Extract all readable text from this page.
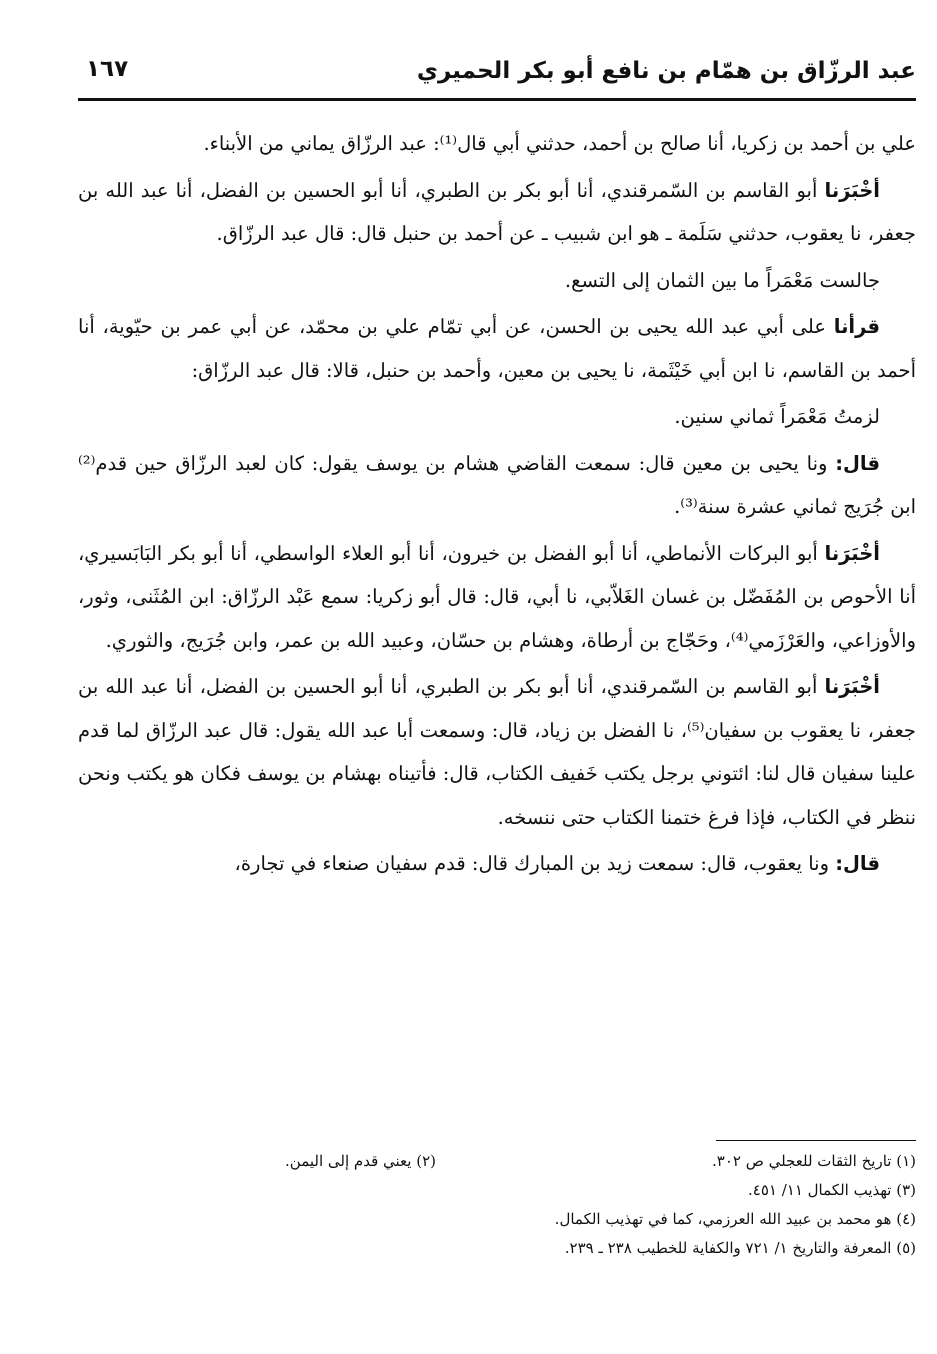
عبد الرزّاق بن همّام بن نافع أبو بكر الحميري
١٦٧

علي بن أحمد بن زكريا، أنا صالح بن أحمد، حدثني أبي قال⁽¹⁾: عبد الرزّاق يماني من الأبناء.

أخْبَرَنا أبو القاسم بن السّمرقندي، أنا أبو بكر بن الطبري، أنا أبو الحسين بن الفضل، أنا عبد الله بن جعفر، نا يعقوب، حدثني سَلَمة ـ هو ابن شبيب ـ عن أحمد بن حنبل قال: قال عبد الرزّاق.

جالست مَعْمَراً ما بين الثمان إلى التسع.

قرأنا على أبي عبد الله يحيى بن الحسن، عن أبي تمّام علي بن محمّد، عن أبي عمر بن حيّوية، أنا أحمد بن القاسم، نا ابن أبي خَيْثَمة، نا يحيى بن معين، وأحمد بن حنبل، قالا: قال عبد الرزّاق:

لزمتُ مَعْمَراً ثماني سنين.

قال: ونا يحيى بن معين قال: سمعت القاضي هشام بن يوسف يقول: كان لعبد الرزّاق حين قدم⁽²⁾ ابن جُرَيج ثماني عشرة سنة⁽³⁾.

أخْبَرَنا أبو البركات الأنماطي، أنا أبو الفضل بن خيرون، أنا أبو العلاء الواسطي، أنا أبو بكر البَابَسيري، أنا الأحوص بن المُفَضّل بن غسان الغَلاّبي، نا أبي، قال: قال أبو زكريا: سمع عَبْد الرزّاق: ابن المُثَنى، وثور، والأوزاعي، والعَرْزَمي⁽⁴⁾، وحَجّاج بن أرطاة، وهشام بن حسّان، وعبيد الله بن عمر، وابن جُرَيج، والثوري.

أخْبَرَنا أبو القاسم بن السّمرقندي، أنا أبو بكر بن الطبري، أنا أبو الحسين بن الفضل، أنا عبد الله بن جعفر، نا يعقوب بن سفيان⁽⁵⁾، نا الفضل بن زياد، قال: وسمعت أبا عبد الله يقول: قال عبد الرزّاق لما قدم علينا سفيان قال لنا: ائتوني برجل يكتب خَفيف الكتاب، قال: فأتيناه بهشام بن يوسف فكان هو يكتب ونحن ننظر في الكتاب، فإذا فرغ ختمنا الكتاب حتى ننسخه.

قال: ونا يعقوب، قال: سمعت زيد بن المبارك قال: قدم سفيان صنعاء في تجارة،

(١) تاريخ الثقات للعجلي ص ٣٠٢.
(٢) يعني قدم إلى اليمن.
(٣) تهذيب الكمال ١١/ ٤٥١.
(٤) هو محمد بن عبيد الله العرزمي، كما في تهذيب الكمال.
(٥) المعرفة والتاريخ ١/ ٧٢١ والكفاية للخطيب ٢٣٨ ـ ٢٣٩.
